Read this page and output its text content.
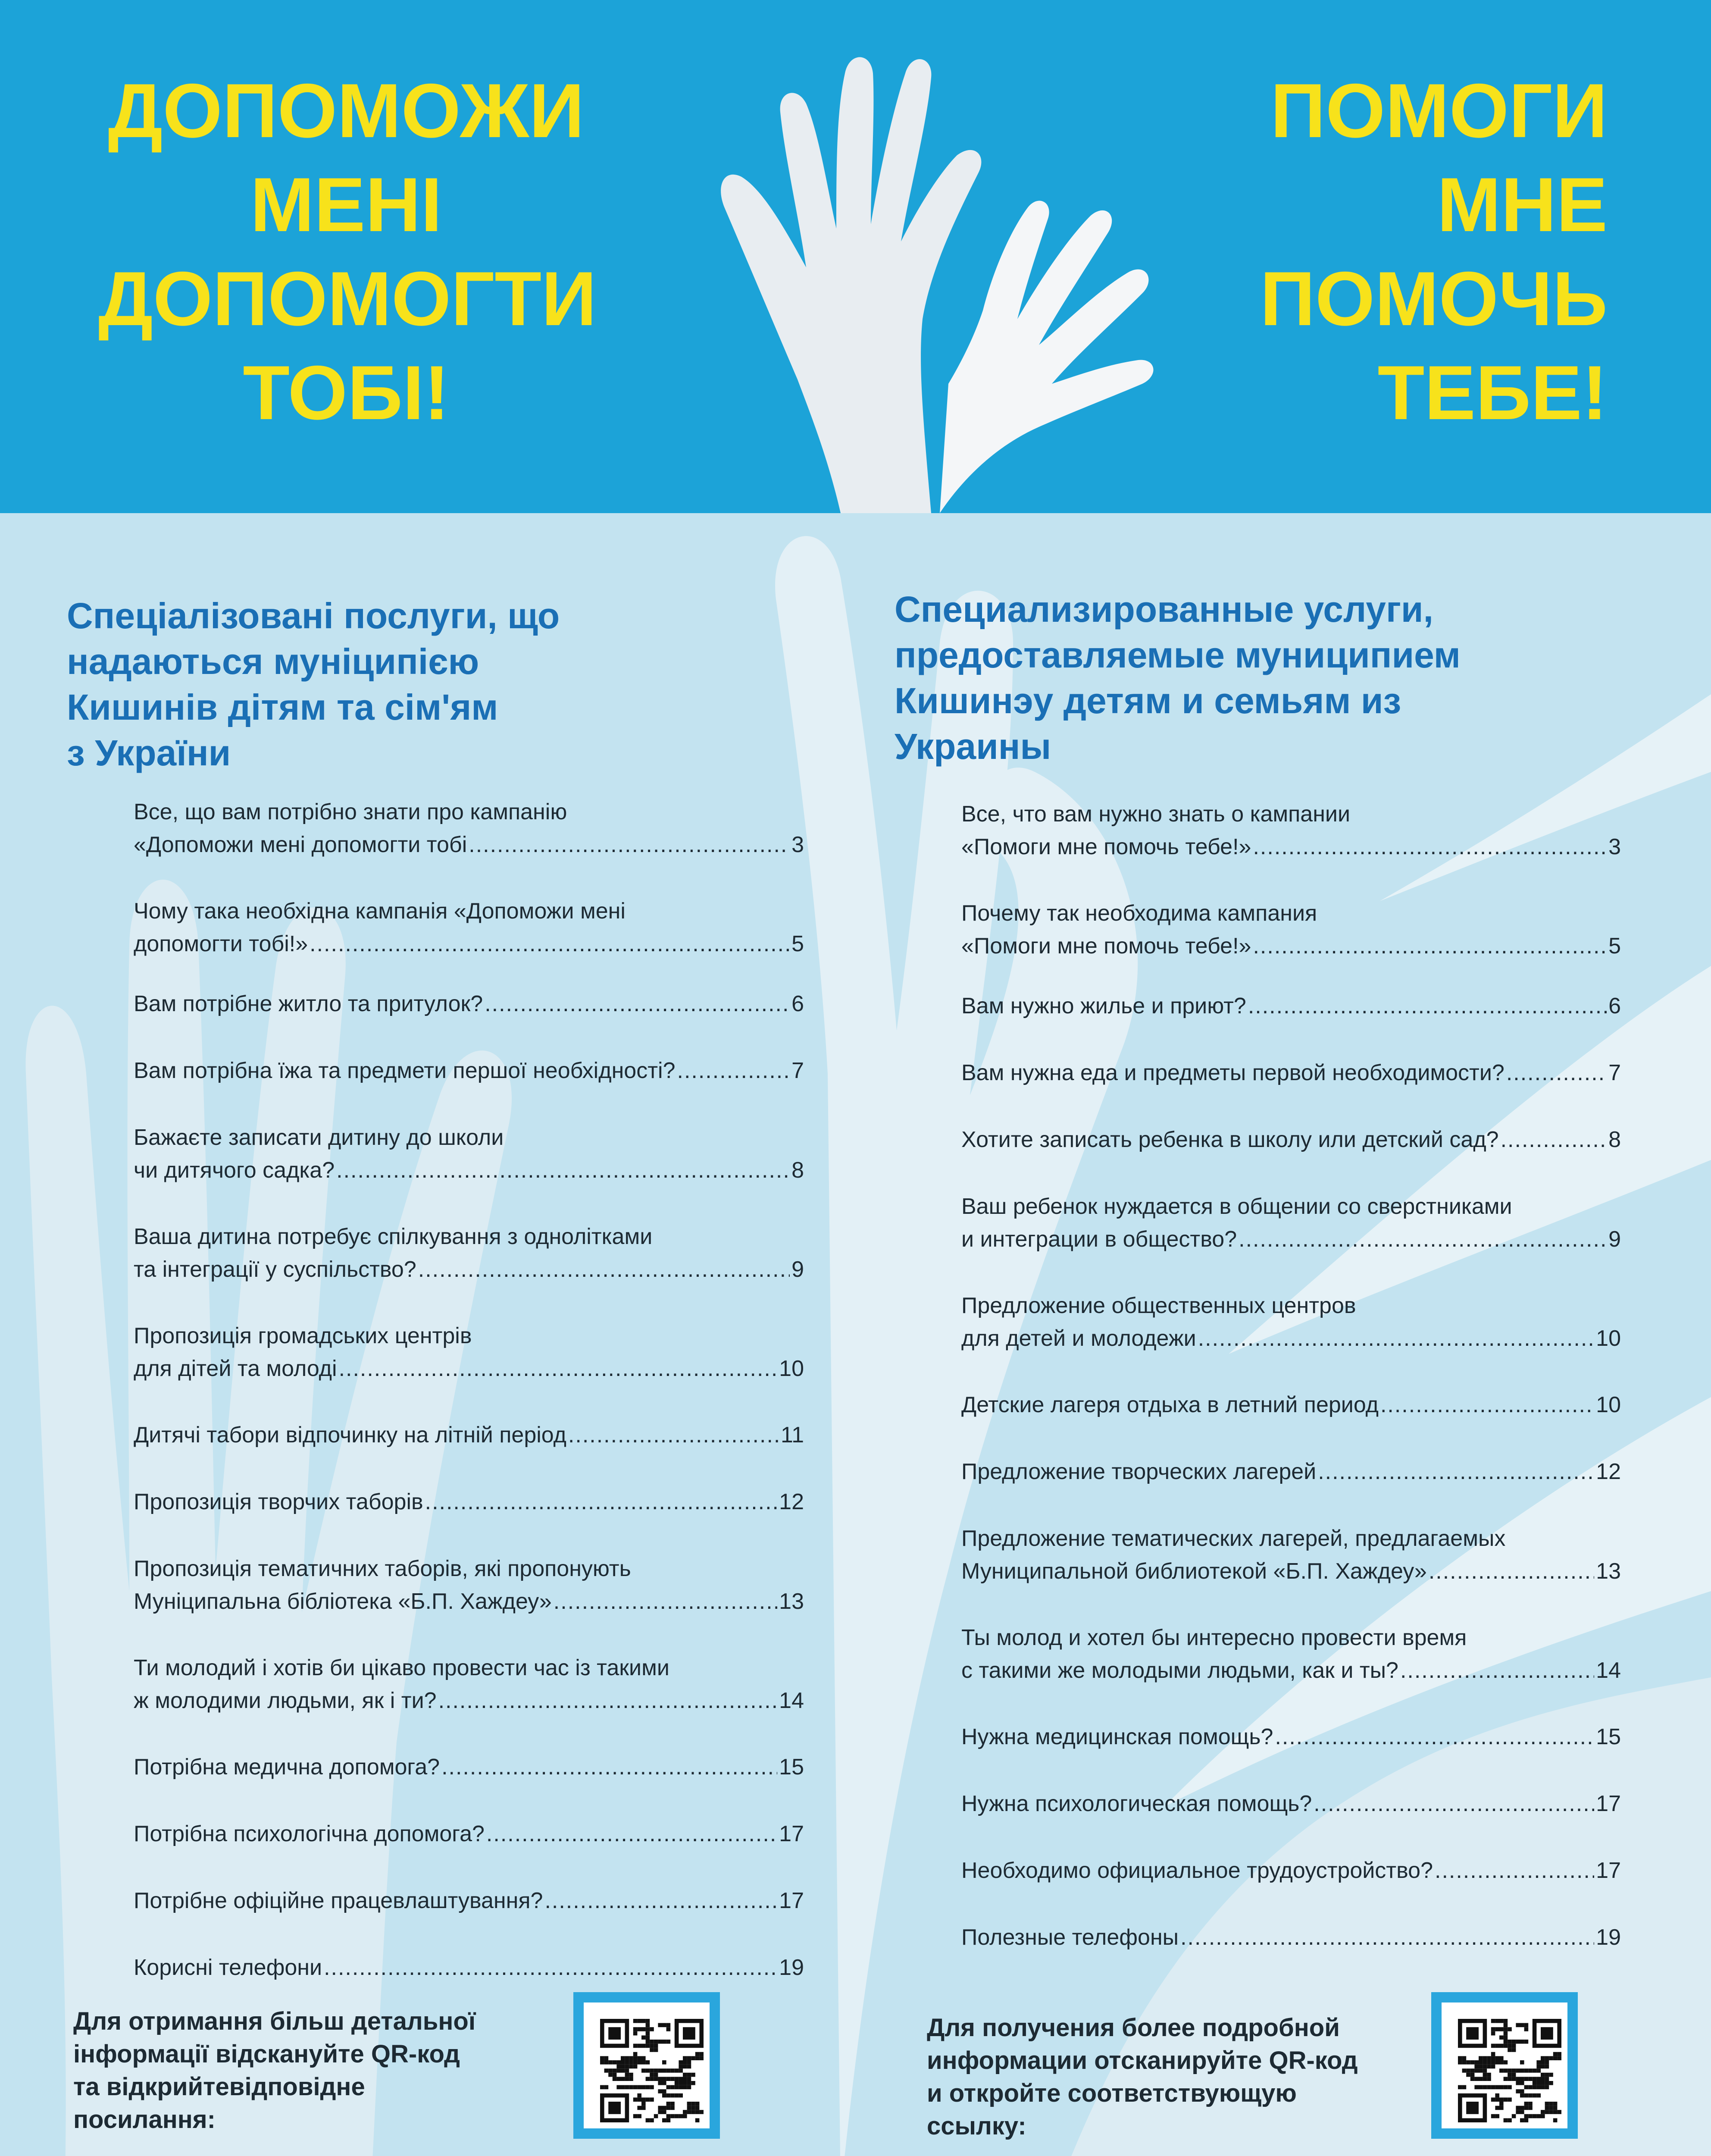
ДОПОМОЖИ
МЕНІ
ДОПОМОГТИ
ТОБІ!
ПОМОГИ
МНЕ
ПОМОЧЬ
ТЕБЕ!
Спеціалізовані послуги, що
надаються муніципією
Кишинів дітям та сім'ям
з України
Все, що вам потрібно знати про кампанію
«Допоможи мені допомогти тобі .....	3
Чому така необхідна кампанія «Допоможи мені
допомогти тобі!» .....	5
Вам потрібне житло та притулок? .....	6
Вам потрібна їжа та предмети першої необхідності? .....	7
Бажаєте записати дитину до школи
чи дитячого садка? .....	8
Ваша дитина потребує спілкування з однолітками
та інтеграції у суспільство? .....	9
Пропозиція громадських центрів
для дітей та молоді .....	10
Дитячі табори відпочинку на літній період .....	11
Пропозиція творчих таборів .....	12
Пропозиція тематичних таборів, які пропонують
Муніципальна бібліотека «Б.П. Хаждеу» .....	13
Ти молодий і хотів би цікаво провести час із такими
ж молодими людьми, як і ти? .....	14
Потрібна медична допомога? .....	15
Потрібна психологічна допомога? .....	17
Потрібне офіційне працевлаштування? .....	17
Корисні телефони .....	19
Специализированные услуги,
предоставляемые муниципием
Кишинэу детям и семьям из
Украины
Все, что вам нужно знать о кампании
«Помоги мне помочь тебе!» .....	3
Почему так необходима кампания
«Помоги мне помочь тебе!» .....	5
Вам нужно жилье и приют? .....	6
Вам нужна еда и предметы первой необходимости? .....	7
Хотите записать ребенка в школу или детский сад? .....	8
Ваш ребенок нуждается в общении со сверстниками
и интеграции в общество? .....	9
Предложение общественных центров
для детей и молодежи .....	10
Детские лагеря отдыха в летний период .....	10
Предложение творческих лагерей .....	12
Предложение тематических лагерей, предлагаемых
Муниципальной библиотекой «Б.П. Хаждеу» .....	13
Ты молод и хотел бы интересно провести время
с такими же молодыми людьми, как и ты? .....	14
Нужна медицинская помощь? .....	15
Нужна психологическая помощь? .....	17
Необходимо официальное трудоустройство? .....	17
Полезные телефоны .....	19
Для отримання більш детальної
інформації відскануйте QR-код
та відкрийтевідповідне
посилання:
Для получения более подробной
информации отсканируйте QR-код
и откройте соответствующую
ссылку:
